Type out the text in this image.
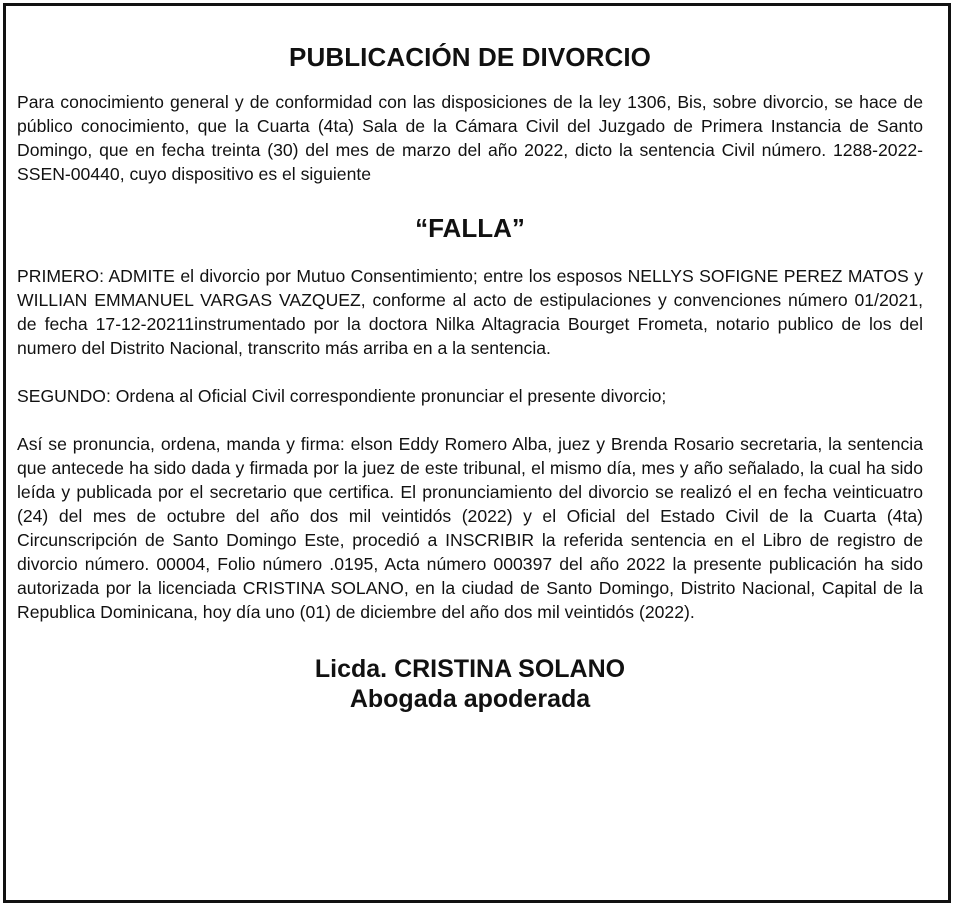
PUBLICACIÓN DE DIVORCIO

Para conocimiento general y de conformidad con las disposiciones de la ley 1306, Bis, sobre divorcio, se hace de público conocimiento, que la Cuarta (4ta) Sala de la Cámara Civil del Juzgado de Primera Instancia de Santo Domingo, que en fecha treinta (30) del mes de marzo del año 2022, dicto la sentencia Civil número. 1288-2022-SSEN-00440, cuyo dispositivo es el siguiente

“FALLA”

PRIMERO: ADMITE el divorcio por Mutuo Consentimiento; entre los esposos NELLYS SOFIGNE PEREZ MATOS y WILLIAN EMMANUEL VARGAS VAZQUEZ, conforme al acto de estipulaciones y convenciones número 01/2021, de fecha 17-12-20211instrumentado por la doctora Nilka Altagracia Bourget Frometa, notario publico de los del numero del Distrito Nacional, transcrito más arriba en a la sentencia.

SEGUNDO: Ordena al Oficial Civil correspondiente pronunciar el presente divorcio;

Así se pronuncia, ordena, manda y firma: elson Eddy Romero Alba, juez y Brenda Rosario secretaria, la sentencia que antecede ha sido dada y firmada por la juez de este tribunal, el mismo día, mes y año señalado, la cual ha sido leída y publicada por el secretario que certifica. El pronunciamiento del divorcio se realizó el en fecha veinticuatro (24) del mes de octubre del año dos mil veintidós (2022) y el Oficial del Estado Civil de la Cuarta (4ta) Circunscripción de Santo Domingo Este, procedió a INSCRIBIR la referida sentencia en el Libro de registro de divorcio número. 00004, Folio número .0195, Acta número 000397 del año 2022 la presente publicación ha sido autorizada por la licenciada CRISTINA SOLANO, en la ciudad de Santo Domingo, Distrito Nacional, Capital de la Republica Dominicana, hoy día uno (01) de diciembre del año dos mil veintidós (2022).

Licda. CRISTINA SOLANO
Abogada apoderada
